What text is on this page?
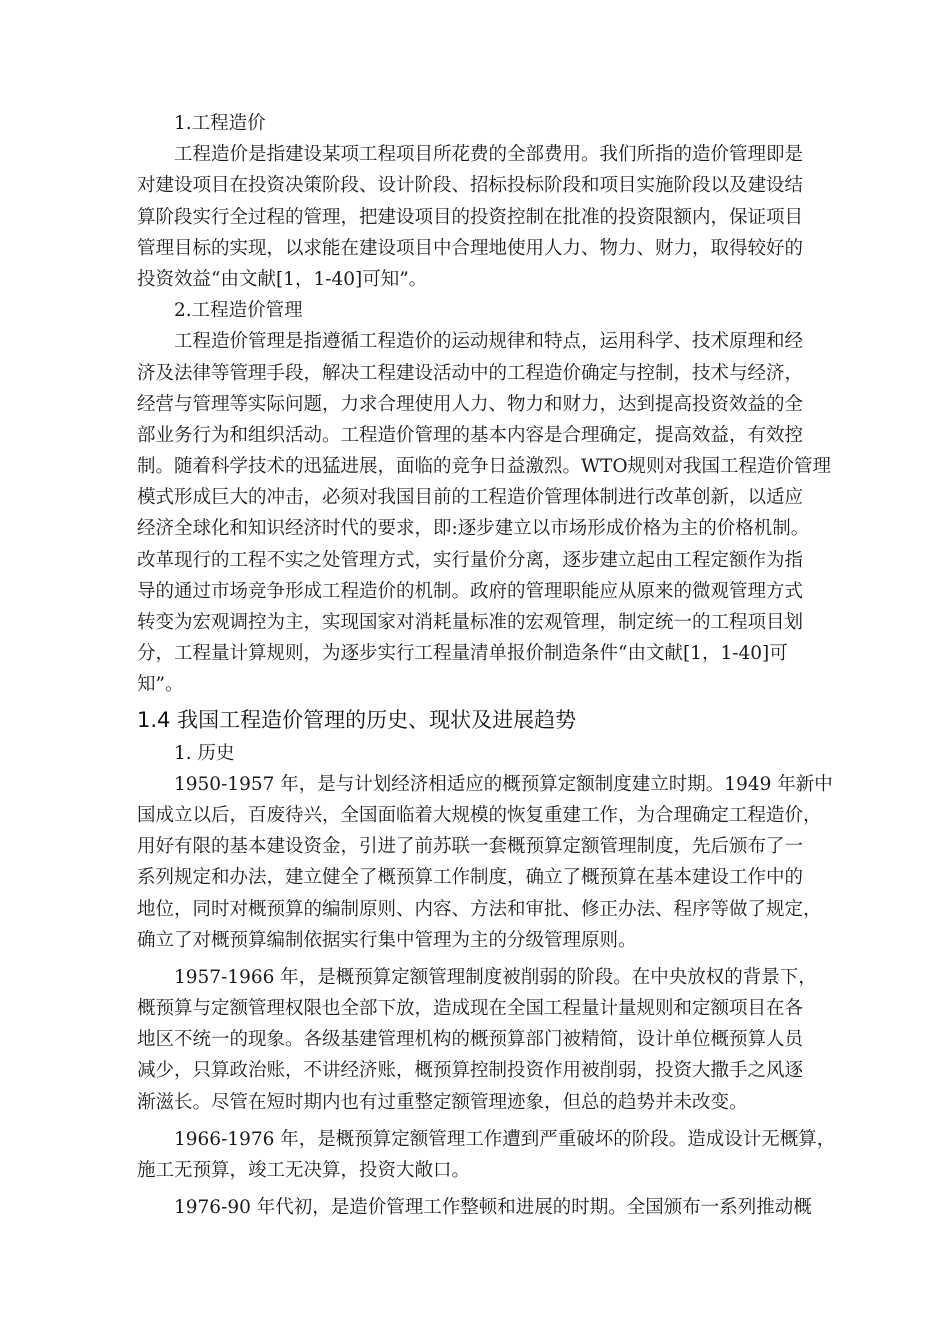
1.工程造价
工程造价是指建设某项工程项目所花费的全部费用。我们所指的造价管理即是
对建设项目在投资决策阶段、设计阶段、招标投标阶段和项目实施阶段以及建设结
算阶段实行全过程的管理，把建设项目的投资控制在批准的投资限额内，保证项目
管理目标的实现，以求能在建设项目中合理地使用人力、物力、财力，取得较好的
投资效益“由文献[1，1-40]可知”。
2.工程造价管理
工程造价管理是指遵循工程造价的运动规律和特点，运用科学、技术原理和经
济及法律等管理手段，解决工程建设活动中的工程造价确定与控制，技术与经济，
经营与管理等实际问题，力求合理使用人力、物力和财力，达到提高投资效益的全
部业务行为和组织活动。工程造价管理的基本内容是合理确定，提高效益，有效控
制。随着科学技术的迅猛进展，面临的竞争日益激烈。WTO规则对我国工程造价管理
模式形成巨大的冲击，必须对我国目前的工程造价管理体制进行改革创新，以适应
经济全球化和知识经济时代的要求，即:逐步建立以市场形成价格为主的价格机制。
改革现行的工程不实之处管理方式，实行量价分离，逐步建立起由工程定额作为指
导的通过市场竞争形成工程造价的机制。政府的管理职能应从原来的微观管理方式
转变为宏观调控为主，实现国家对消耗量标准的宏观管理，制定统一的工程项目划
分，工程量计算规则，为逐步实行工程量清单报价制造条件“由文献[1，1-40]可
知”。
1.4 我国工程造价管理的历史、现状及进展趋势
1. 历史
1950-1957 年，是与计划经济相适应的概预算定额制度建立时期。1949 年新中
国成立以后，百废待兴，全国面临着大规模的恢复重建工作，为合理确定工程造价，
用好有限的基本建设资金，引进了前苏联一套概预算定额管理制度，先后颁布了一
系列规定和办法，建立健全了概预算工作制度，确立了概预算在基本建设工作中的
地位，同时对概预算的编制原则、内容、方法和审批、修正办法、程序等做了规定，
确立了对概预算编制依据实行集中管理为主的分级管理原则。
1957-1966 年，是概预算定额管理制度被削弱的阶段。在中央放权的背景下，
概预算与定额管理权限也全部下放，造成现在全国工程量计量规则和定额项目在各
地区不统一的现象。各级基建管理机构的概预算部门被精简，设计单位概预算人员
减少，只算政治账，不讲经济账，概预算控制投资作用被削弱，投资大撒手之风逐
渐滋长。尽管在短时期内也有过重整定额管理迹象，但总的趋势并未改变。
1966-1976 年，是概预算定额管理工作遭到严重破坏的阶段。造成设计无概算，
施工无预算，竣工无决算，投资大敞口。
1976-90 年代初，是造价管理工作整顿和进展的时期。全国颁布一系列推动概
